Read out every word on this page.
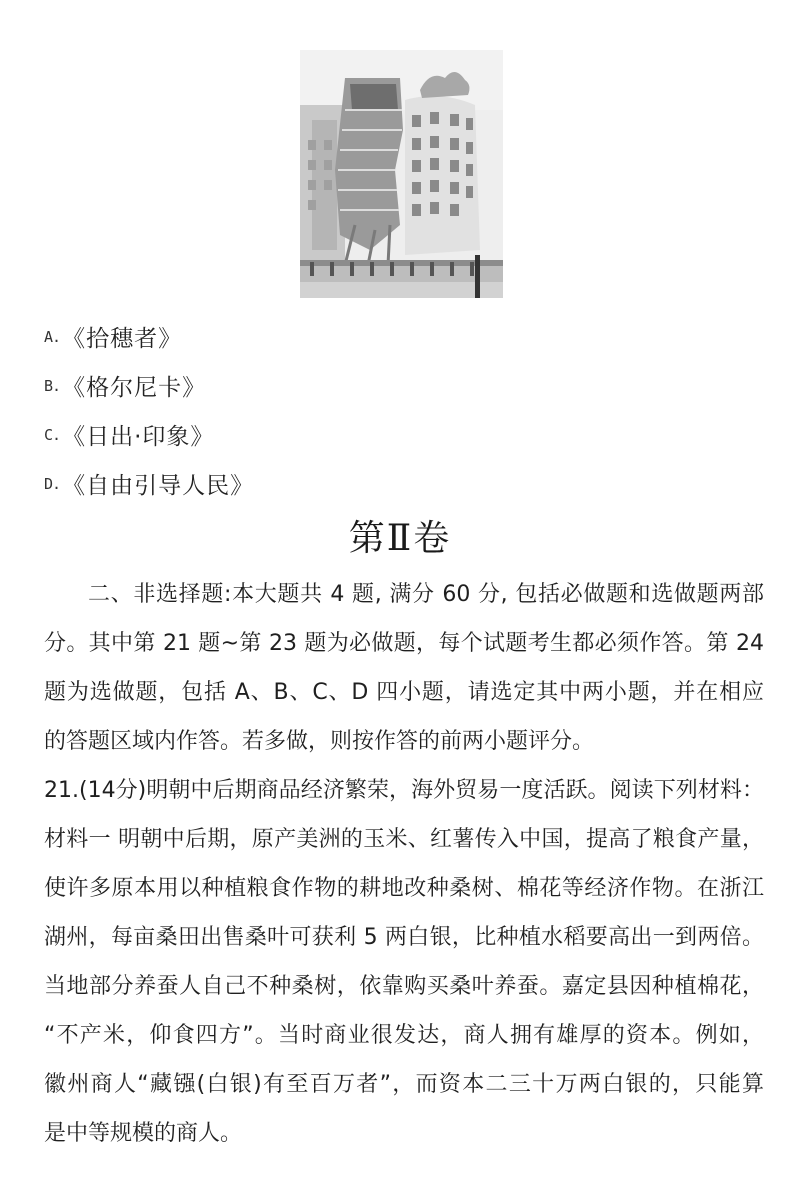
A. 《拾穗者》
B. 《格尔尼卡》
C. 《日出·印象》
D. 《自由引导人民》
第Ⅱ卷
二、非选择题:本大题共 4 题, 满分 60 分, 包括必做题和选做题两部
分。其中第 21 题~第 23 题为必做题，每个试题考生都必须作答。第 24
题为选做题，包括 A、B、C、D 四小题，请选定其中两小题，并在相应
的答题区域内作答。若多做，则按作答的前两小题评分。
21.(14分)明朝中后期商品经济繁荣，海外贸易一度活跃。阅读下列材料：
材料一 明朝中后期，原产美洲的玉米、红薯传入中国，提高了粮食产量，
使许多原本用以种植粮食作物的耕地改种桑树、棉花等经济作物。在浙江
湖州，每亩桑田出售桑叶可获利 5 两白银，比种植水稻要高出一到两倍。
当地部分养蚕人自己不种桑树，依靠购买桑叶养蚕。嘉定县因种植棉花，
“不产米，仰食四方”。当时商业很发达，商人拥有雄厚的资本。例如，
徽州商人“藏镪(白银)有至百万者”，而资本二三十万两白银的，只能算
是中等规模的商人。
